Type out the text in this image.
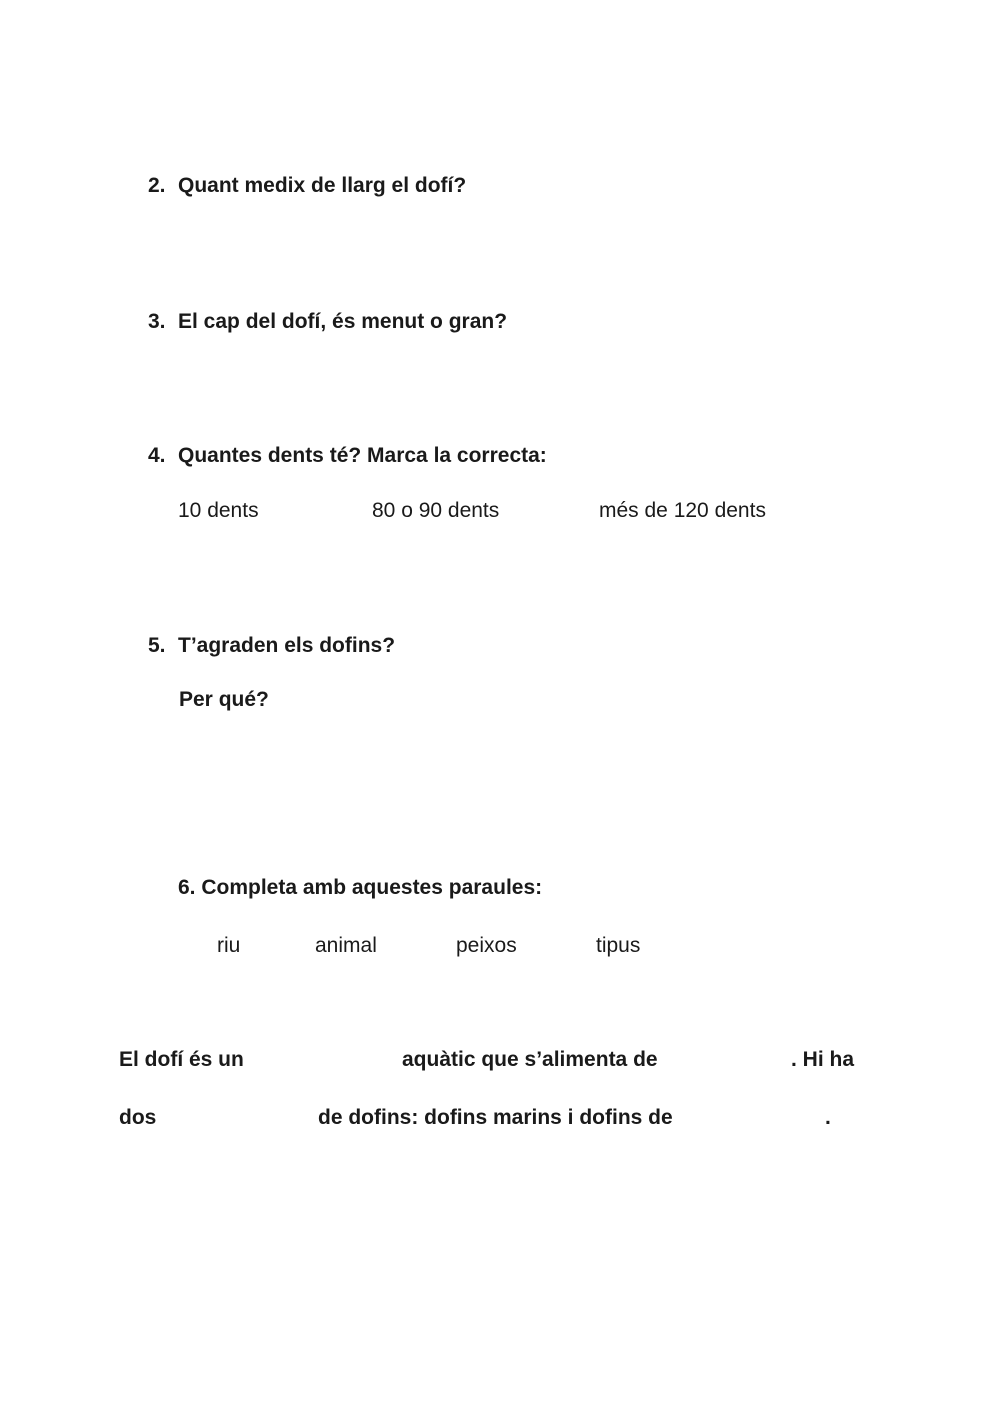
2. Quant medix de llarg el dofí?
3. El cap del dofí, és menut o gran?
4. Quantes dents té? Marca la correcta:
10 dents	80 o 90 dents	més de 120 dents
5. T’agraden els dofins?
Per qué?
6. Completa amb aquestes paraules:
riu	animal	peixos	tipus
El dofí és un	aquàtic que s’alimenta de	. Hi ha
dos	de dofins: dofins marins i dofins de	.
